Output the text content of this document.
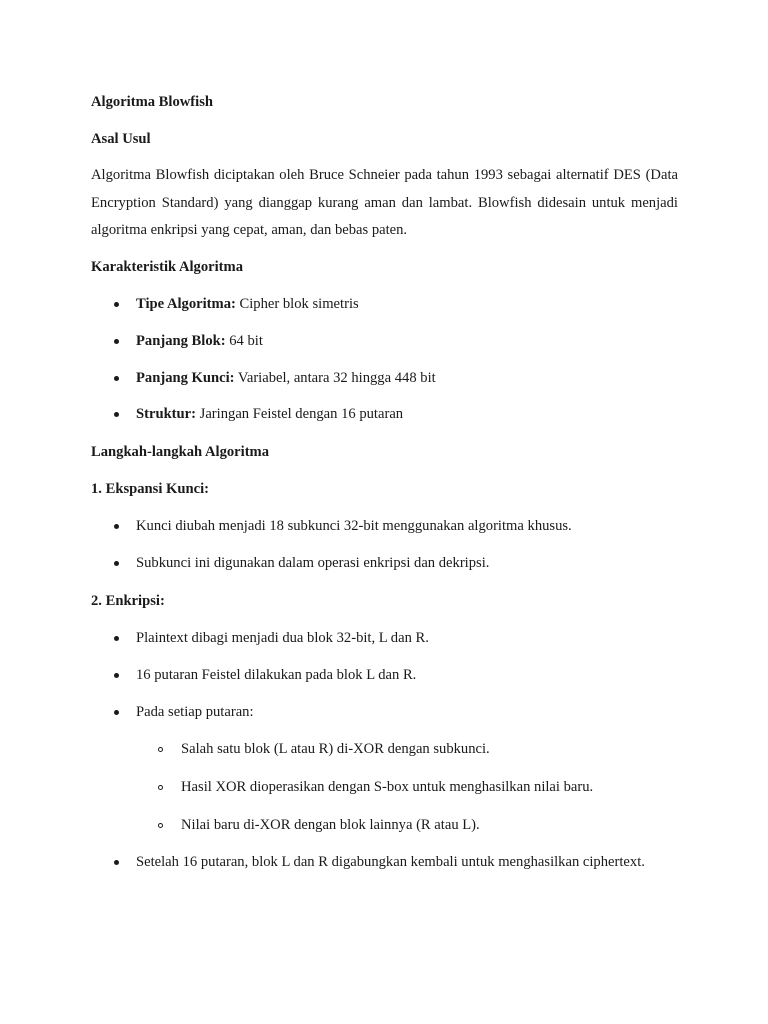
Algoritma Blowfish
Asal Usul
Algoritma Blowfish diciptakan oleh Bruce Schneier pada tahun 1993 sebagai alternatif DES (Data Encryption Standard) yang dianggap kurang aman dan lambat. Blowfish didesain untuk menjadi algoritma enkripsi yang cepat, aman, dan bebas paten.
Karakteristik Algoritma
Tipe Algoritma: Cipher blok simetris
Panjang Blok: 64 bit
Panjang Kunci: Variabel, antara 32 hingga 448 bit
Struktur: Jaringan Feistel dengan 16 putaran
Langkah-langkah Algoritma
1. Ekspansi Kunci:
Kunci diubah menjadi 18 subkunci 32-bit menggunakan algoritma khusus.
Subkunci ini digunakan dalam operasi enkripsi dan dekripsi.
2. Enkripsi:
Plaintext dibagi menjadi dua blok 32-bit, L dan R.
16 putaran Feistel dilakukan pada blok L dan R.
Pada setiap putaran:
Salah satu blok (L atau R) di-XOR dengan subkunci.
Hasil XOR dioperasikan dengan S-box untuk menghasilkan nilai baru.
Nilai baru di-XOR dengan blok lainnya (R atau L).
Setelah 16 putaran, blok L dan R digabungkan kembali untuk menghasilkan ciphertext.
